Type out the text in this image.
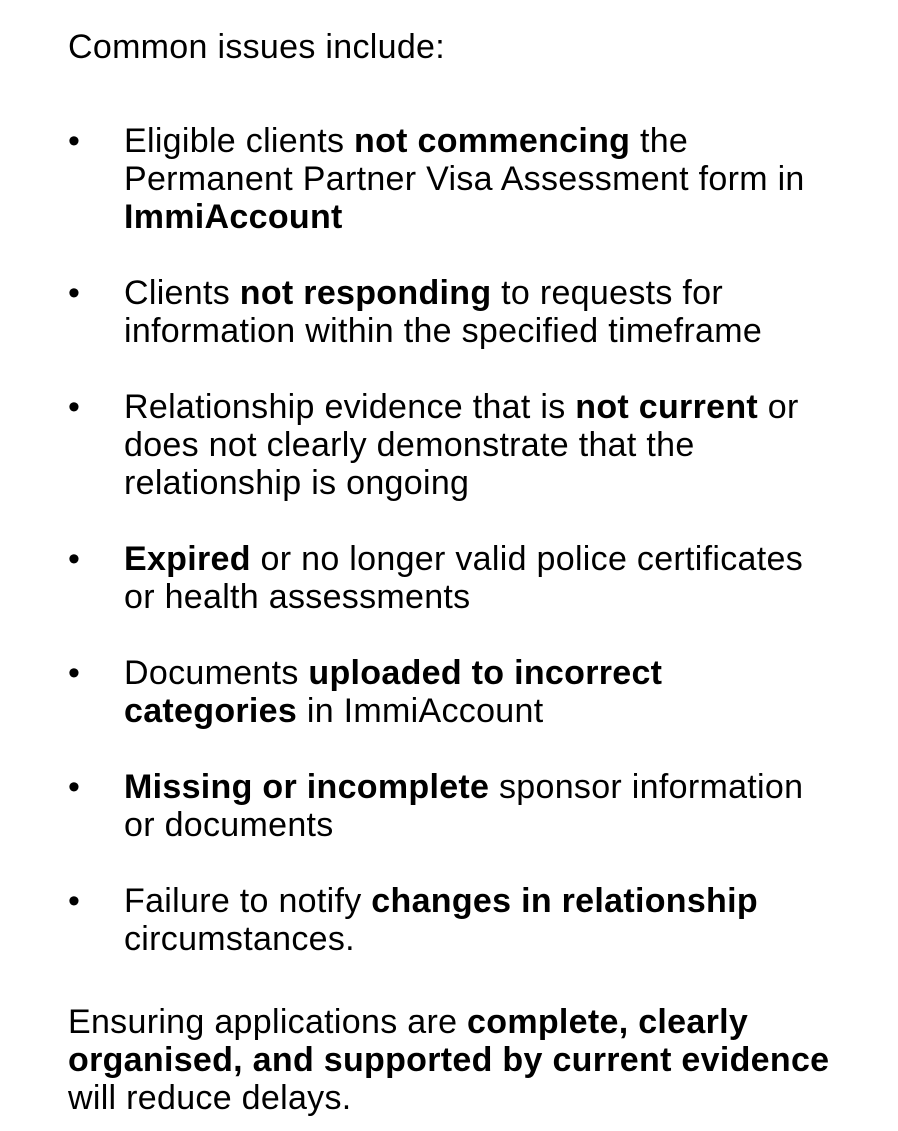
Common issues include:

•	Eligible clients not commencing the
Permanent Partner Visa Assessment form in
ImmiAccount
•	Clients not responding to requests for
information within the specified timeframe
•	Relationship evidence that is not current or
does not clearly demonstrate that the
relationship is ongoing
•	Expired or no longer valid police certificates
or health assessments
•	Documents uploaded to incorrect
categories in ImmiAccount
•	Missing or incomplete sponsor information
or documents
•	Failure to notify changes in relationship
circumstances.

Ensuring applications are complete, clearly
organised, and supported by current evidence
will reduce delays.
